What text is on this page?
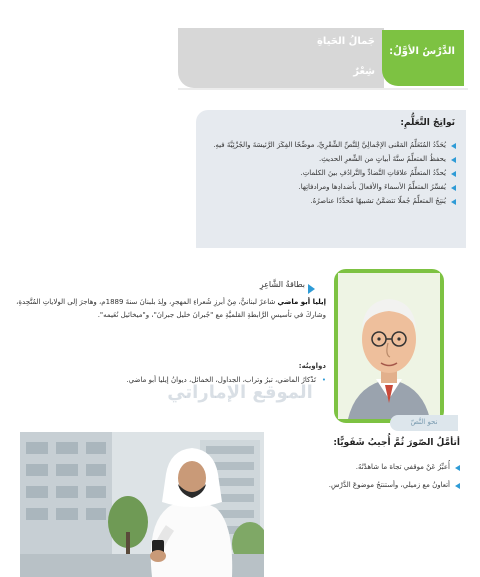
جَمالُ الحَياةِ
شِعْرٌ
الدَّرْسُ الأوَّلُ:
نَواتِجُ التَّعَلُّمِ:
يُحَدِّدُ المُتَعَلِّمُ المَعْنى الإجْمالِيَّ لِلنَّصِّ الشِّعْرِيِّ، موضِّحًا الفِكَرَ الرَّئيسَةَ والجُزْئِيَّةَ فيهِ.
يحفظُ المتعلِّمُ ستَّةَ أبياتٍ من الشِّعرِ الحديثِ.
يُحدِّدُ المتعلِّمُ علاقاتِ التَّضادِّ والتَّرادُفِ بينَ الكلماتِ.
يُفسِّرُ المتعلِّمُ الأسماءَ والأفعالَ بأضدادِها ومرادفاتِها.
يُنتِجُ المتعلِّمُ جُملًا تتضمَّنُ تشبيهًا مُحدَّدًا عناصرُهُ.
بطاقةُ الشَّاعِرِ
إيليا أبو ماضي شاعرٌ لبنانيٌّ، مِنْ أبرزِ شُعراءِ المهجرِ، ولِدَ بلبنانَ سنةَ 1889م، وهاجرَ إلى الولاياتِ المُتَّحِدةِ، وشاركَ في تأسيسِ الرَّابطةِ القلميَّةِ مع "جُبرانَ خليل جبرانَ"، و"ميخائيل نُعَيمه".
دواوينُه:
• تَذْكارُ الماضي، تبرُ وتراب، الجداول، الخمائل، ديوانُ إيليا أبو ماضي.
الموقع الإماراتي
نحو النَّصّ
أتأمَّلُ الصّورَ ثُمَّ أُجيبُ شَفَويًّا:
أُعبِّرُ عَنْ موقفي تجاهَ ما شاهدْتُهُ.
أتعاونُ مع زميلي، وأستنتجُ موضوعَ الدَّرْسِ.
